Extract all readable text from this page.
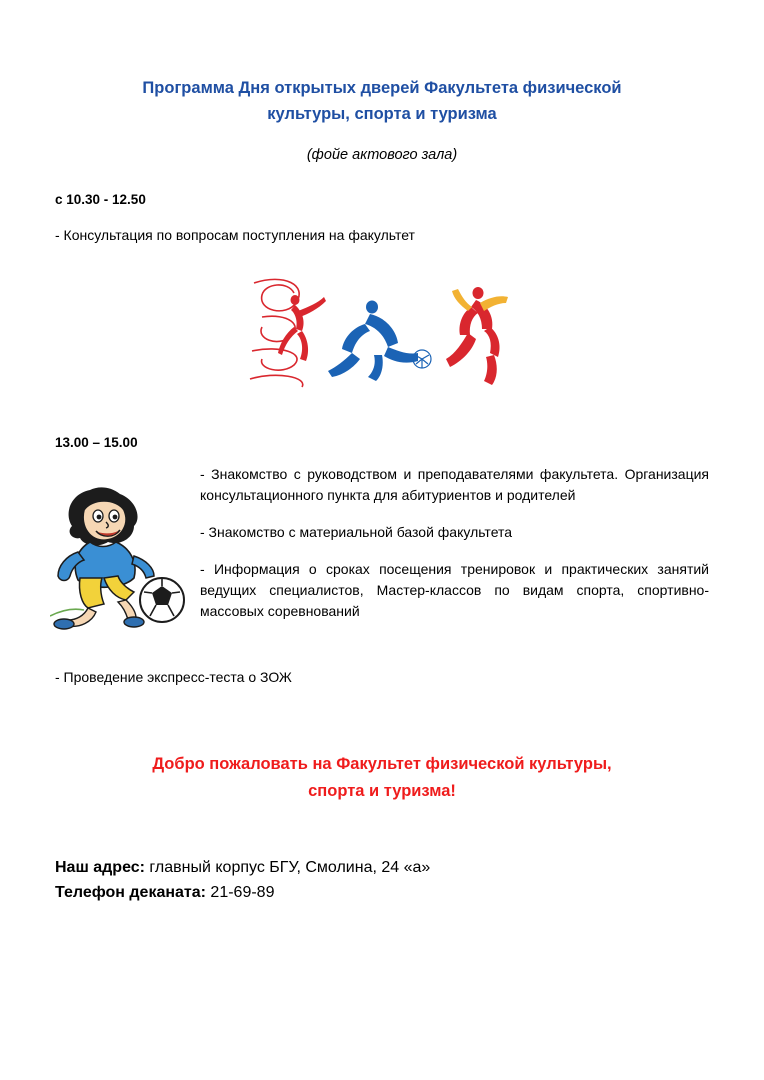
Программа Дня открытых дверей Факультета физической
культуры, спорта и туризма
(фойе актового зала)
с 10.30 - 12.50
- Консультация по вопросам поступления на факультет
13.00 – 15.00
- Знакомство с руководством и преподавателями факультета. Организация консультационного пункта для абитуриентов и родителей
- Знакомство с материальной базой факультета
- Информация о сроках посещения тренировок и практических занятий ведущих специалистов, Мастер-классов по видам спорта, спортивно-массовых соревнований
- Проведение экспресс-теста о ЗОЖ
Добро пожаловать на Факультет физической культуры,
спорта и туризма!
Наш адрес: главный корпус БГУ, Смолина, 24 «а»
Телефон деканата: 21-69-89
